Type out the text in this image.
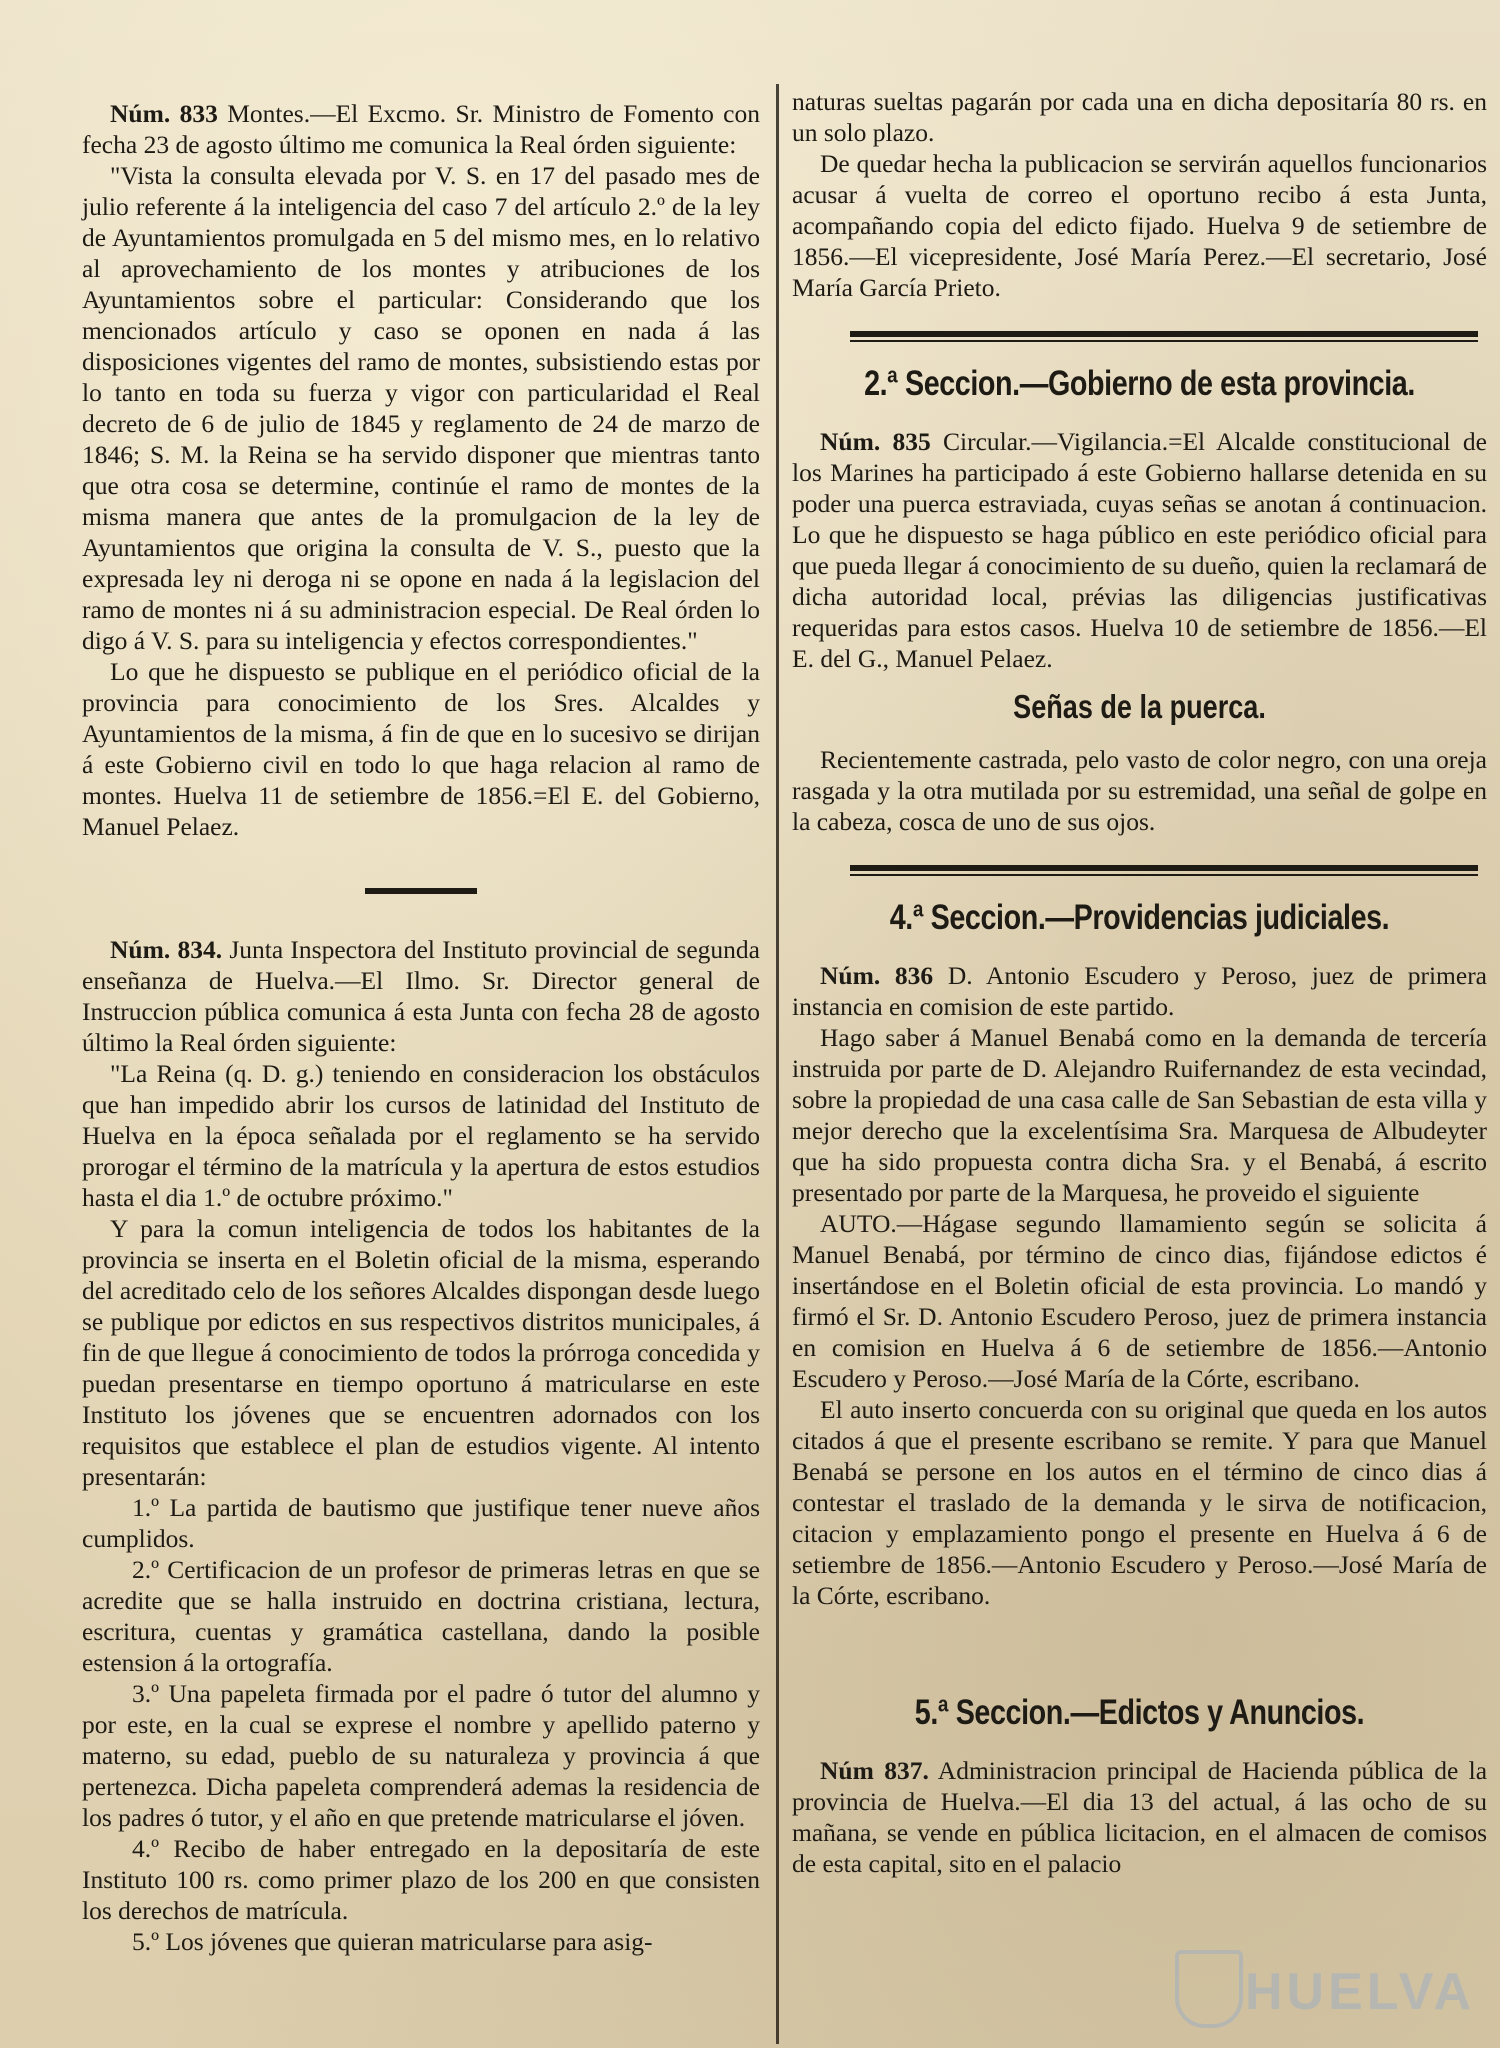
Núm. 833 Montes.—El Excmo. Sr. Ministro de Fomento con fecha 23 de agosto último me comunica la Real órden siguiente:

"Vista la consulta elevada por V. S. en 17 del pasado mes de julio referente á la inteligencia del caso 7 del artículo 2.º de la ley de Ayuntamientos promulgada en 5 del mismo mes, en lo relativo al aprovechamiento de los montes y atribuciones de los Ayuntamientos sobre el particular: Considerando que los mencionados artículo y caso se oponen en nada á las disposiciones vigentes del ramo de montes, subsistiendo estas por lo tanto en toda su fuerza y vigor con particularidad el Real decreto de 6 de julio de 1845 y reglamento de 24 de marzo de 1846; S. M. la Reina se ha servido disponer que mientras tanto que otra cosa se determine, continúe el ramo de montes de la misma manera que antes de la promulgacion de la ley de Ayuntamientos que origina la consulta de V. S., puesto que la expresada ley ni deroga ni se opone en nada á la legislacion del ramo de montes ni á su administracion especial. De Real órden lo digo á V. S. para su inteligencia y efectos correspondientes."

Lo que he dispuesto se publique en el periódico oficial de la provincia para conocimiento de los Sres. Alcaldes y Ayuntamientos de la misma, á fin de que en lo sucesivo se dirijan á este Gobierno civil en todo lo que haga relacion al ramo de montes. Huelva 11 de setiembre de 1856.=El E. del Gobierno, Manuel Pelaez.

Núm. 834. Junta Inspectora del Instituto provincial de segunda enseñanza de Huelva.—El Ilmo. Sr. Director general de Instruccion pública comunica á esta Junta con fecha 28 de agosto último la Real órden siguiente:

"La Reina (q. D. g.) teniendo en consideracion los obstáculos que han impedido abrir los cursos de latinidad del Instituto de Huelva en la época señalada por el reglamento se ha servido prorogar el término de la matrícula y la apertura de estos estudios hasta el dia 1.º de octubre próximo."

Y para la comun inteligencia de todos los habitantes de la provincia se inserta en el Boletin oficial de la misma, esperando del acreditado celo de los señores Alcaldes dispongan desde luego se publique por edictos en sus respectivos distritos municipales, á fin de que llegue á conocimiento de todos la prórroga concedida y puedan presentarse en tiempo oportuno á matricularse en este Instituto los jóvenes que se encuentren adornados con los requisitos que establece el plan de estudios vigente. Al intento presentarán:

1.º La partida de bautismo que justifique tener nueve años cumplidos.

2.º Certificacion de un profesor de primeras letras en que se acredite que se halla instruido en doctrina cristiana, lectura, escritura, cuentas y gramática castellana, dando la posible estension á la ortografía.

3.º Una papeleta firmada por el padre ó tutor del alumno y por este, en la cual se exprese el nombre y apellido paterno y materno, su edad, pueblo de su naturaleza y provincia á que pertenezca. Dicha papeleta comprenderá ademas la residencia de los padres ó tutor, y el año en que pretende matricularse el jóven.

4.º Recibo de haber entregado en la depositaría de este Instituto 100 rs. como primer plazo de los 200 en que consisten los derechos de matrícula.

5.º Los jóvenes que quieran matricularse para asig-

naturas sueltas pagarán por cada una en dicha depositaría 80 rs. en un solo plazo.

De quedar hecha la publicacion se servirán aquellos funcionarios acusar á vuelta de correo el oportuno recibo á esta Junta, acompañando copia del edicto fijado. Huelva 9 de setiembre de 1856.—El vicepresidente, José María Perez.—El secretario, José María García Prieto.

2.ª Seccion.—Gobierno de esta provincia.

Núm. 835 Circular.—Vigilancia.=El Alcalde constitucional de los Marines ha participado á este Gobierno hallarse detenida en su poder una puerca estraviada, cuyas señas se anotan á continuacion. Lo que he dispuesto se haga público en este periódico oficial para que pueda llegar á conocimiento de su dueño, quien la reclamará de dicha autoridad local, prévias las diligencias justificativas requeridas para estos casos. Huelva 10 de setiembre de 1856.—El E. del G., Manuel Pelaez.

Señas de la puerca.

Recientemente castrada, pelo vasto de color negro, con una oreja rasgada y la otra mutilada por su estremidad, una señal de golpe en la cabeza, cosca de uno de sus ojos.

4.ª Seccion.—Providencias judiciales.

Núm. 836 D. Antonio Escudero y Peroso, juez de primera instancia en comision de este partido.

Hago saber á Manuel Benabá como en la demanda de tercería instruida por parte de D. Alejandro Ruifernandez de esta vecindad, sobre la propiedad de una casa calle de San Sebastian de esta villa y mejor derecho que la excelentísima Sra. Marquesa de Albudeyter que ha sido propuesta contra dicha Sra. y el Benabá, á escrito presentado por parte de la Marquesa, he proveido el siguiente

AUTO.—Hágase segundo llamamiento según se solicita á Manuel Benabá, por término de cinco dias, fijándose edictos é insertándose en el Boletin oficial de esta provincia. Lo mandó y firmó el Sr. D. Antonio Escudero Peroso, juez de primera instancia en comision en Huelva á 6 de setiembre de 1856.—Antonio Escudero y Peroso.—José María de la Córte, escribano.

El auto inserto concuerda con su original que queda en los autos citados á que el presente escribano se remite. Y para que Manuel Benabá se persone en los autos en el término de cinco dias á contestar el traslado de la demanda y le sirva de notificacion, citacion y emplazamiento pongo el presente en Huelva á 6 de setiembre de 1856.—Antonio Escudero y Peroso.—José María de la Córte, escribano.

5.ª Seccion.—Edictos y Anuncios.

Núm 837. Administracion principal de Hacienda pública de la provincia de Huelva.—El dia 13 del actual, á las ocho de su mañana, se vende en pública licitacion, en el almacen de comisos de esta capital, sito en el palacio

HUELVA
